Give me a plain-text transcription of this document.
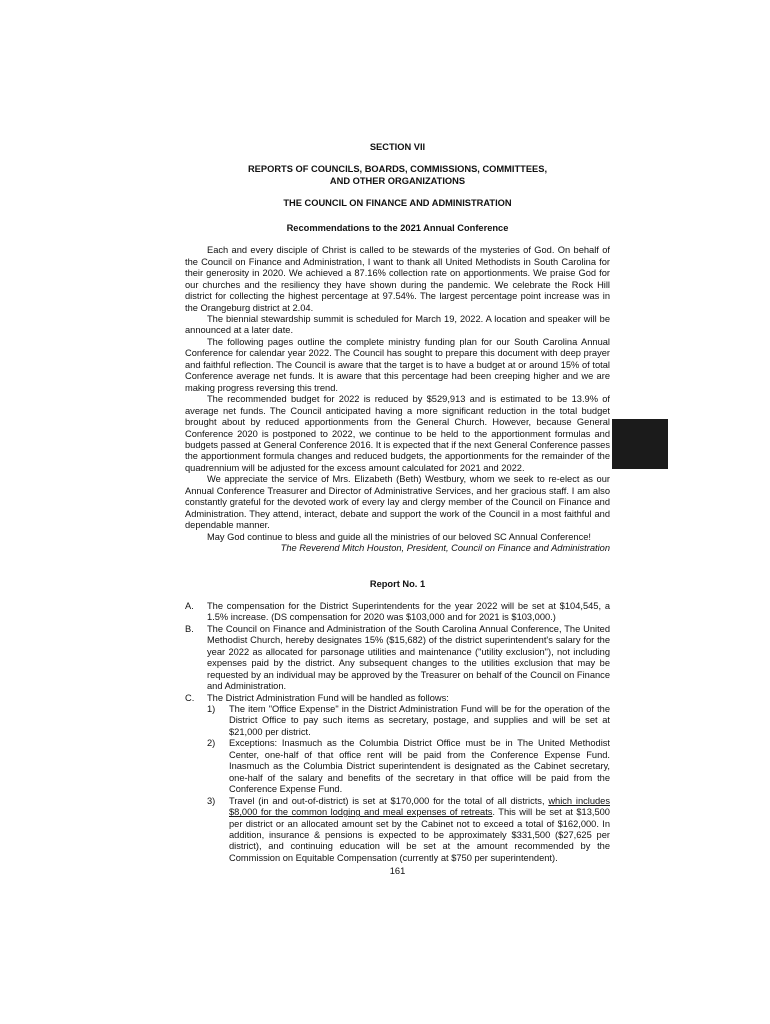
SECTION VII
REPORTS OF COUNCILS, BOARDS, COMMISSIONS, COMMITTEES,
AND OTHER ORGANIZATIONS
THE COUNCIL ON FINANCE AND ADMINISTRATION
Recommendations to the 2021 Annual Conference

Each and every disciple of Christ is called to be stewards of the mysteries of God. On behalf of the Council on Finance and Administration, I want to thank all United Methodists in South Carolina for their generosity in 2020. We achieved a 87.16% collection rate on apportionments. We praise God for our churches and the resiliency they have shown during the pandemic. We celebrate the Rock Hill district for collecting the highest percentage at 97.54%. The largest percentage point increase was in the Orangeburg district at 2.04.

The biennial stewardship summit is scheduled for March 19, 2022. A location and speaker will be announced at a later date.

The following pages outline the complete ministry funding plan for our South Carolina Annual Conference for calendar year 2022. The Council has sought to prepare this document with deep prayer and faithful reflection. The Council is aware that the target is to have a budget at or around 15% of total Conference average net funds. It is aware that this percentage had been creeping higher and we are making progress reversing this trend.

The recommended budget for 2022 is reduced by $529,913 and is estimated to be 13.9% of average net funds. The Council anticipated having a more significant reduction in the total budget brought about by reduced apportionments from the General Church. However, because General Conference 2020 is postponed to 2022, we continue to be held to the apportionment formulas and budgets passed at General Conference 2016. It is expected that if the next General Conference passes the apportionment formula changes and reduced budgets, the apportionments for the remainder of the quadrennium will be adjusted for the excess amount calculated for 2021 and 2022.

We appreciate the service of Mrs. Elizabeth (Beth) Westbury, whom we seek to re-elect as our Annual Conference Treasurer and Director of Administrative Services, and her gracious staff. I am also constantly grateful for the devoted work of every lay and clergy member of the Council on Finance and Administration. They attend, interact, debate and support the work of the Council in a most faithful and dependable manner.

May God continue to bless and guide all the ministries of our beloved SC Annual Conference!

The Reverend Mitch Houston, President, Council on Finance and Administration
Report No. 1
A.	The compensation for the District Superintendents for the year 2022 will be set at $104,545, a 1.5% increase. (DS compensation for 2020 was $103,000 and for 2021 is $103,000.)
B.	The Council on Finance and Administration of the South Carolina Annual Conference, The United Methodist Church, hereby designates 15% ($15,682) of the district superintendent's salary for the year 2022 as allocated for parsonage utilities and maintenance ("utility exclusion"), not including expenses paid by the district. Any subsequent changes to the utilities exclusion that may be requested by an individual may be approved by the Treasurer on behalf of the Council on Finance and Administration.
C.	The District Administration Fund will be handled as follows:
1)	The item "Office Expense" in the District Administration Fund will be for the operation of the District Office to pay such items as secretary, postage, and supplies and will be set at $21,000 per district.
2)	Exceptions: Inasmuch as the Columbia District Office must be in The United Methodist Center, one-half of that office rent will be paid from the Conference Expense Fund. Inasmuch as the Columbia District superintendent is designated as the Cabinet secretary, one-half of the salary and benefits of the secretary in that office will be paid from the Conference Expense Fund.
3)	Travel (in and out-of-district) is set at $170,000 for the total of all districts, which includes $8,000 for the common lodging and meal expenses of retreats. This will be set at $13,500 per district or an allocated amount set by the Cabinet not to exceed a total of $162,000. In addition, insurance & pensions is expected to be approximately $331,500 ($27,625 per district), and continuing education will be set at the amount recommended by the Commission on Equitable Compensation (currently at $750 per superintendent).
161
